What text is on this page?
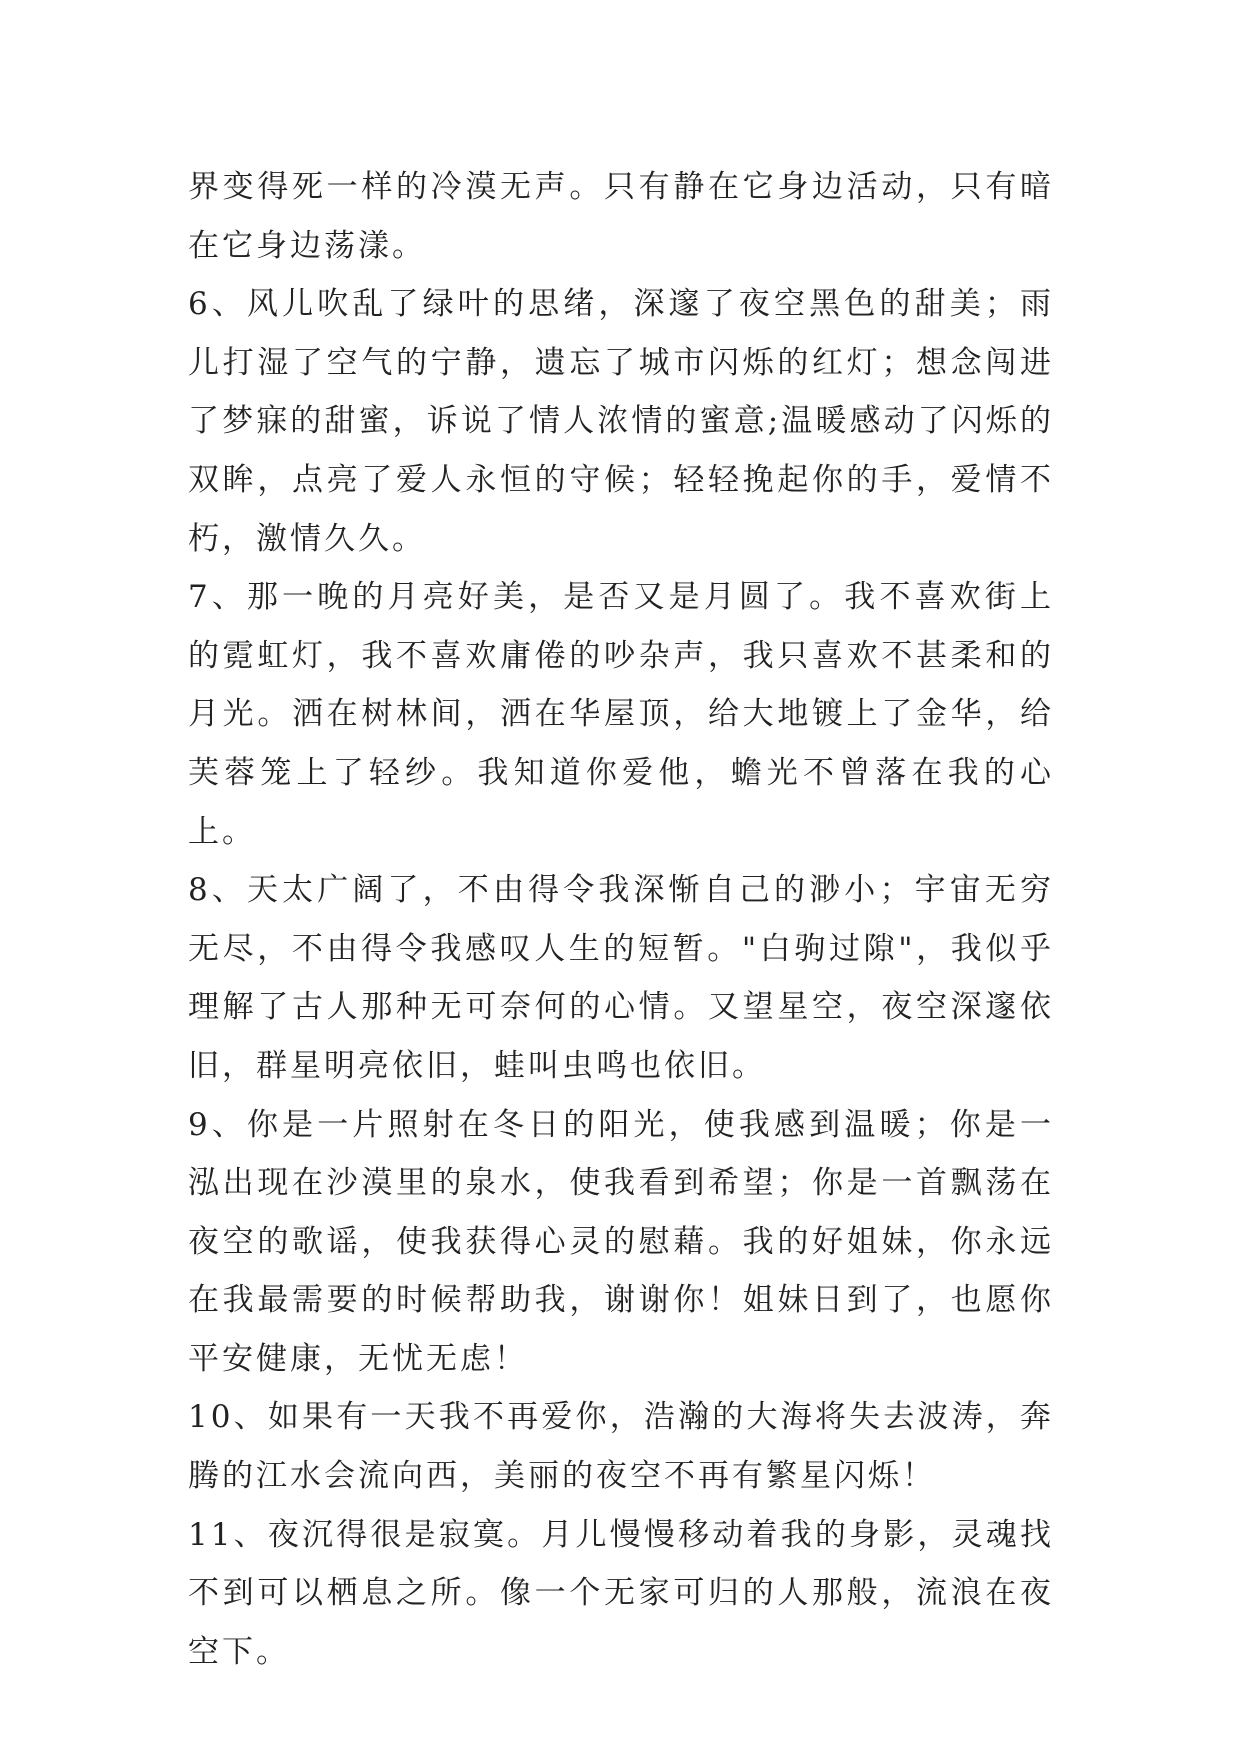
界变得死一样的冷漠无声。只有静在它身边活动，只有暗在它身边荡漾。

6、风儿吹乱了绿叶的思绪，深邃了夜空黑色的甜美；雨儿打湿了空气的宁静，遗忘了城市闪烁的红灯；想念闯进了梦寐的甜蜜，诉说了情人浓情的蜜意;温暖感动了闪烁的双眸，点亮了爱人永恒的守候；轻轻挽起你的手，爱情不朽，激情久久。

7、那一晚的月亮好美，是否又是月圆了。我不喜欢街上的霓虹灯，我不喜欢庸倦的吵杂声，我只喜欢不甚柔和的月光。洒在树林间，洒在华屋顶，给大地镀上了金华，给芙蓉笼上了轻纱。我知道你爱他，蟾光不曾落在我的心上。

8、天太广阔了，不由得令我深惭自己的渺小；宇宙无穷无尽，不由得令我感叹人生的短暂。"白驹过隙"，我似乎理解了古人那种无可奈何的心情。又望星空，夜空深邃依旧，群星明亮依旧，蛙叫虫鸣也依旧。

9、你是一片照射在冬日的阳光，使我感到温暖；你是一泓出现在沙漠里的泉水，使我看到希望；你是一首飘荡在夜空的歌谣，使我获得心灵的慰藉。我的好姐妹，你永远在我最需要的时候帮助我，谢谢你！姐妹日到了，也愿你平安健康，无忧无虑！

10、如果有一天我不再爱你，浩瀚的大海将失去波涛，奔腾的江水会流向西，美丽的夜空不再有繁星闪烁！

11、夜沉得很是寂寞。月儿慢慢移动着我的身影，灵魂找不到可以栖息之所。像一个无家可归的人那般，流浪在夜空下。
